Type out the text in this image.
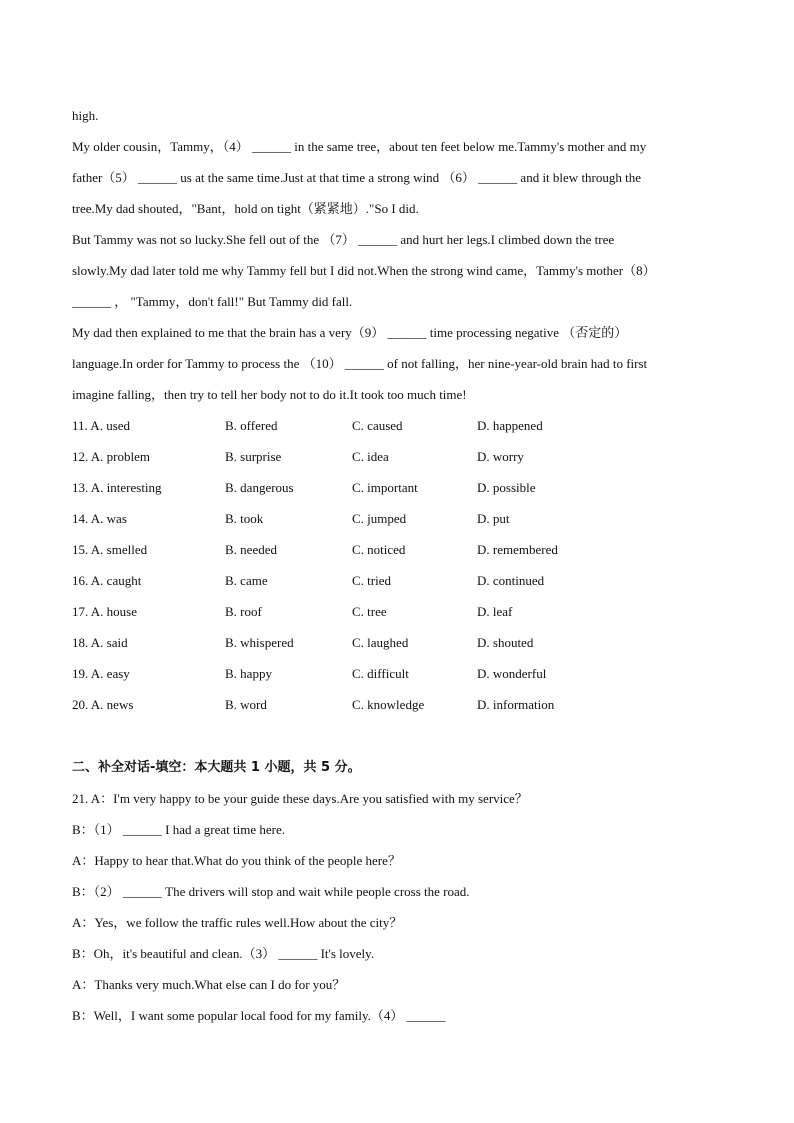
high.
My older cousin，Tammy，（4） ______ in the same tree，about ten feet below me.Tammy's mother and my
father（5） ______ us at the same time.Just at that time a strong wind （6） ______ and it blew through the
tree.My dad shouted，"Bant，hold on tight（紧紧地）."So I did.
But Tammy was not so lucky.She fell out of the （7） ______ and hurt her legs.I climbed down the tree
slowly.My dad later told me why Tammy fell but I did not.When the strong wind came，Tammy's mother（8）
______ ， "Tammy，don't fall!" But Tammy did fall.
My dad then explained to me that the brain has a very（9） ______ time processing negative （否定的）
language.In order for Tammy to process the （10） ______ of not falling，her nine-year-old brain had to first
imagine falling，then try to tell her body not to do it.It took too much time!
11. A. used	B. offered	C. caused	D. happened
12. A. problem	B. surprise	C. idea	D. worry
13. A. interesting	B. dangerous	C. important	D. possible
14. A. was	B. took	C. jumped	D. put
15. A. smelled	B. needed	C. noticed	D. remembered
16. A. caught	B. came	C. tried	D. continued
17. A. house	B. roof	C. tree	D. leaf
18. A. said	B. whispered	C. laughed	D. shouted
19. A. easy	B. happy	C. difficult	D. wonderful
20. A. news	B. word	C. knowledge	D. information
二、补全对话-填空：本大题共 1 小题，共 5 分。
21. A：I'm very happy to be your guide these days.Are you satisfied with my service？
B：（1） ______ I had a great time here.
A：Happy to hear that.What do you think of the people here？
B：（2） ______ The drivers will stop and wait while people cross the road.
A：Yes，we follow the traffic rules well.How about the city？
B：Oh，it's beautiful and clean.（3） ______ It's lovely.
A：Thanks very much.What else can I do for you？
B：Well，I want some popular local food for my family.（4） ______
